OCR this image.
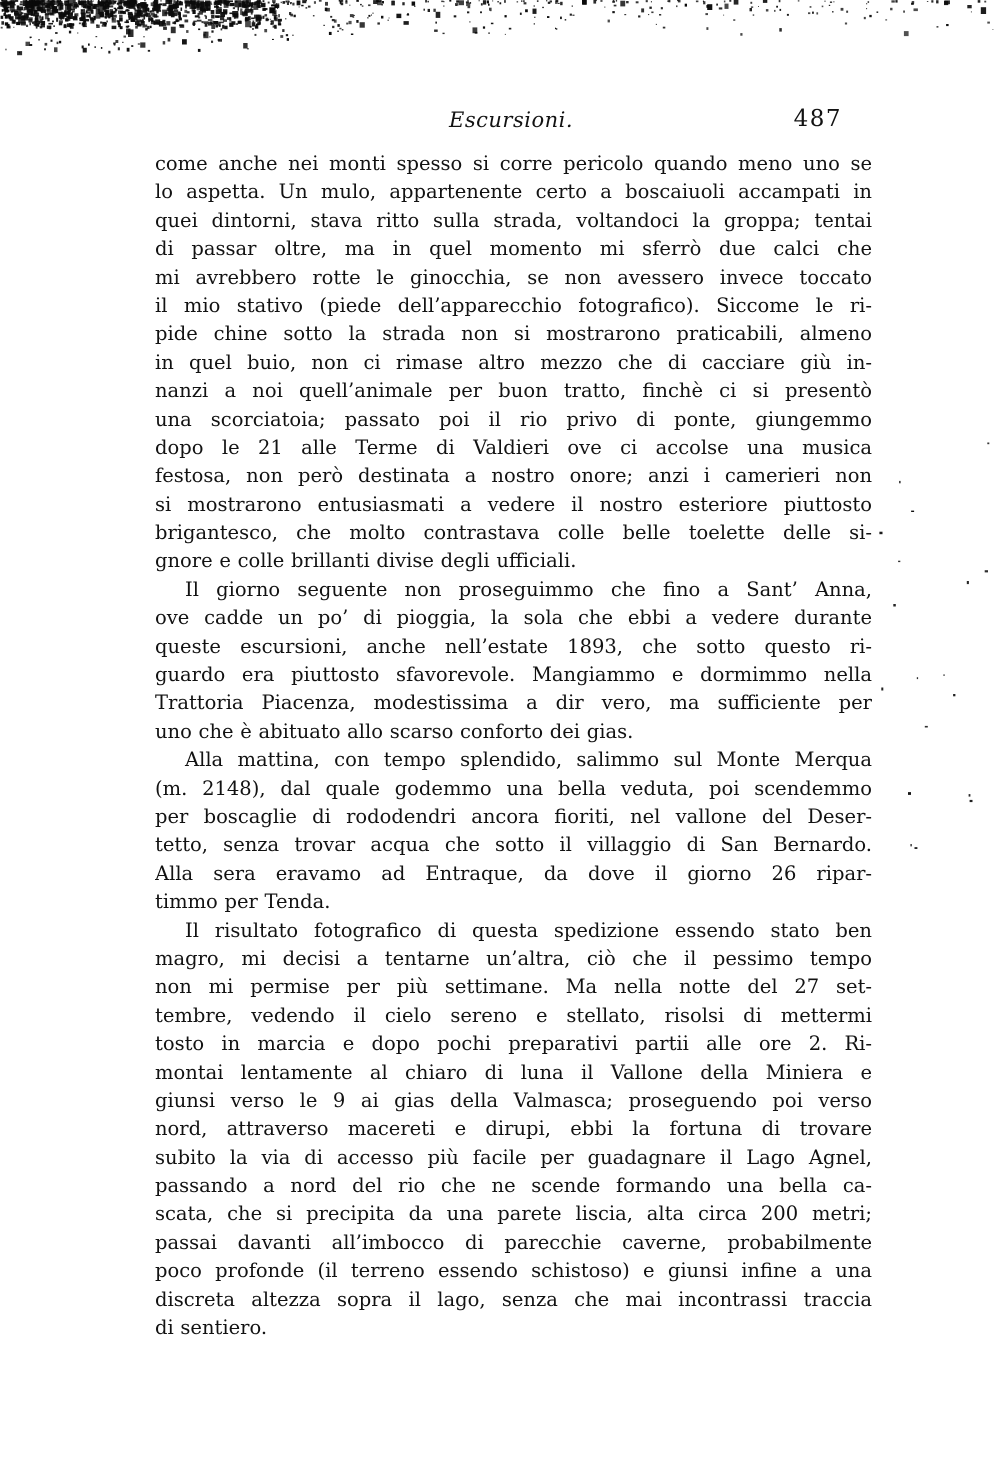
Escursioni.	487
come anche nei monti spesso si corre pericolo quando meno uno se
lo aspetta. Un mulo, appartenente certo a boscaiuoli accampati in
quei dintorni, stava ritto sulla strada, voltandoci la groppa; tentai
di passar oltre, ma in quel momento mi sferrò due calci che
mi avrebbero rotte le ginocchia, se non avessero invece toccato
il mio stativo (piede dell’apparecchio fotografico). Siccome le ri-
pide chine sotto la strada non si mostrarono praticabili, almeno
in quel buio, non ci rimase altro mezzo che di cacciare giù in-
nanzi a noi quell’animale per buon tratto, finchè ci si presentò
una scorciatoia; passato poi il rio privo di ponte, giungemmo
dopo le 21 alle Terme di Valdieri ove ci accolse una musica
festosa, non però destinata a nostro onore; anzi i camerieri non
si mostrarono entusiasmati a vedere il nostro esteriore piuttosto
brigantesco, che molto contrastava colle belle toelette delle si-
gnore e colle brillanti divise degli ufficiali.
Il giorno seguente non proseguimmo che fino a Sant’ Anna,
ove cadde un po’ di pioggia, la sola che ebbi a vedere durante
queste escursioni, anche nell’estate 1893, che sotto questo ri-
guardo era piuttosto sfavorevole. Mangiammo e dormimmo nella
Trattoria Piacenza, modestissima a dir vero, ma sufficiente per
uno che è abituato allo scarso conforto dei gias.
Alla mattina, con tempo splendido, salimmo sul Monte Merqua
(m. 2148), dal quale godemmo una bella veduta, poi scendemmo
per boscaglie di rododendri ancora fioriti, nel vallone del Deser-
tetto, senza trovar acqua che sotto il villaggio di San Bernardo.
Alla sera eravamo ad Entraque, da dove il giorno 26 ripar-
timmo per Tenda.
Il risultato fotografico di questa spedizione essendo stato ben
magro, mi decisi a tentarne un’altra, ciò che il pessimo tempo
non mi permise per più settimane. Ma nella notte del 27 set-
tembre, vedendo il cielo sereno e stellato, risolsi di mettermi
tosto in marcia e dopo pochi preparativi partii alle ore 2. Ri-
montai lentamente al chiaro di luna il Vallone della Miniera e
giunsi verso le 9 ai gias della Valmasca; proseguendo poi verso
nord, attraverso macereti e dirupi, ebbi la fortuna di trovare
subito la via di accesso più facile per guadagnare il Lago Agnel,
passando a nord del rio che ne scende formando una bella ca-
scata, che si precipita da una parete liscia, alta circa 200 metri;
passai davanti all’imbocco di parecchie caverne, probabilmente
poco profonde (il terreno essendo schistoso) e giunsi infine a una
discreta altezza sopra il lago, senza che mai incontrassi traccia
di sentiero.
